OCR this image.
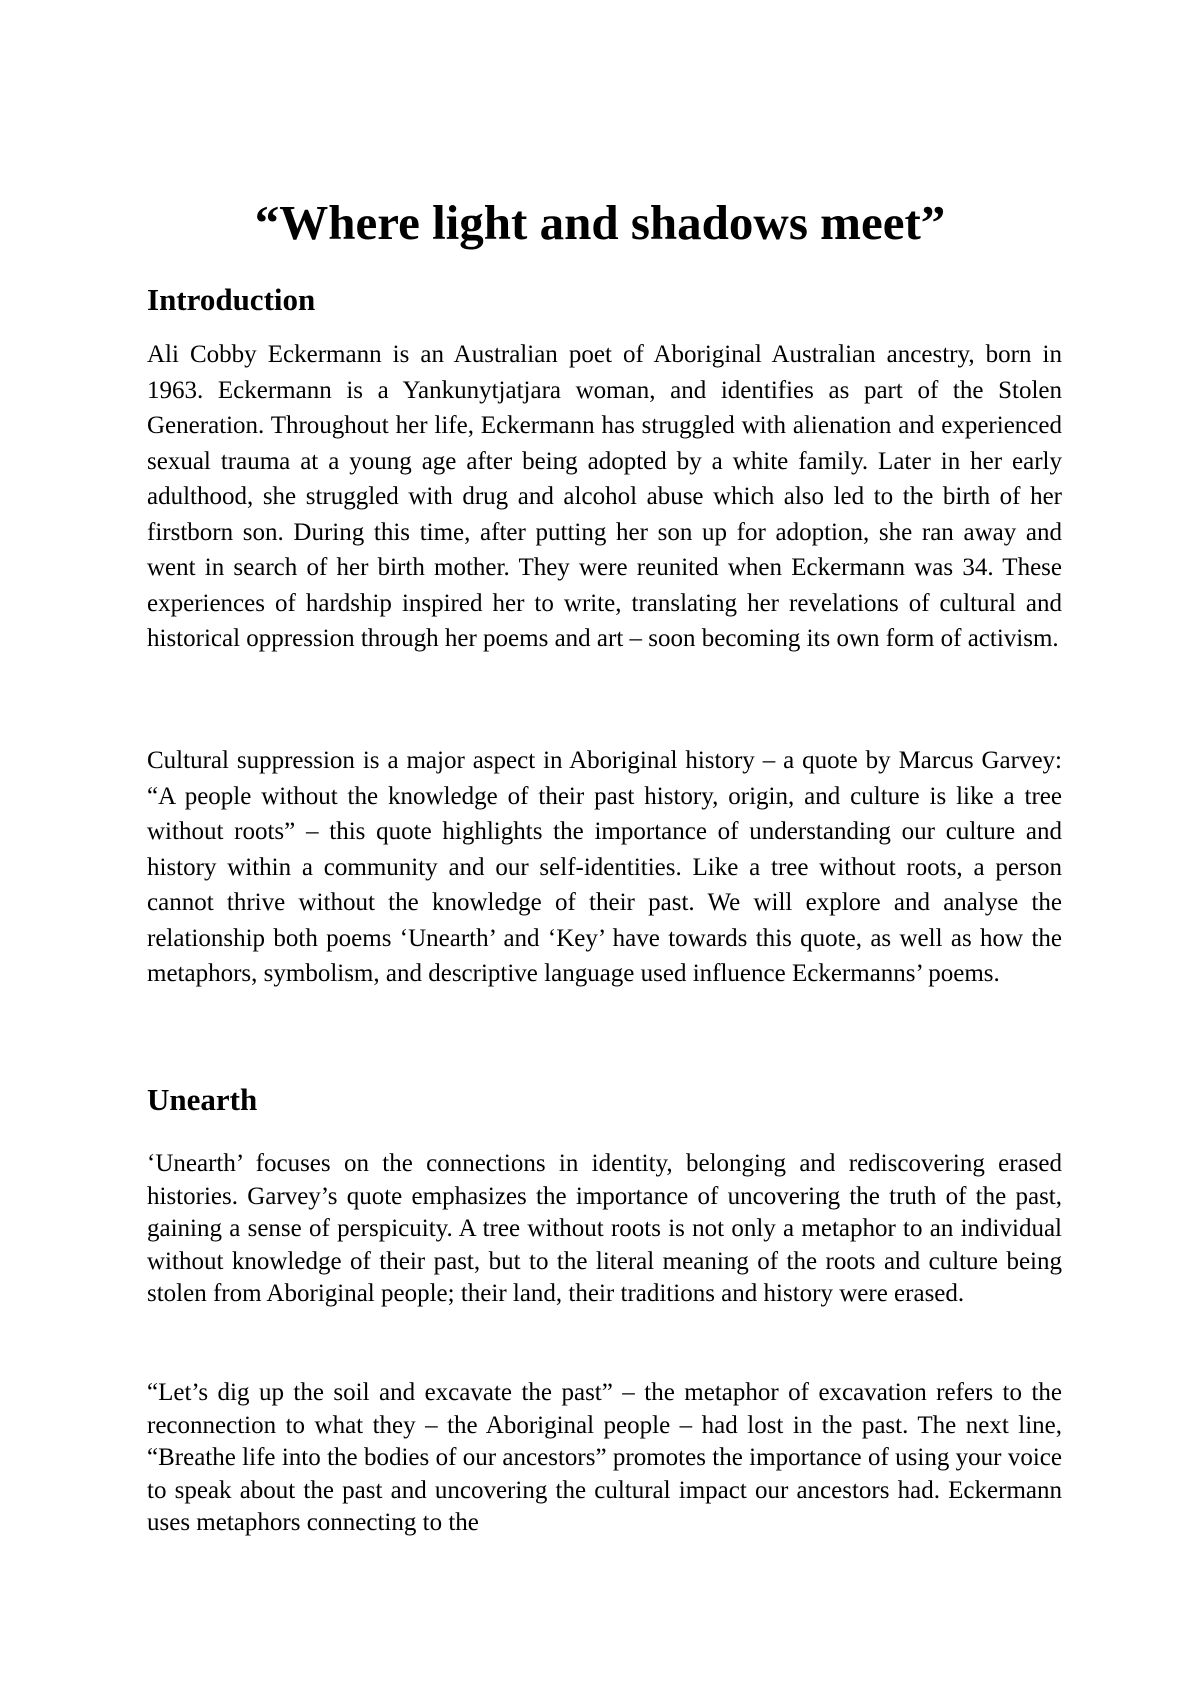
“Where light and shadows meet”
Introduction

Ali Cobby Eckermann is an Australian poet of Aboriginal Australian ancestry, born in 1963. Eckermann is a Yankunytjatjara woman, and identifies as part of the Stolen Generation. Throughout her life, Eckermann has struggled with alienation and experienced sexual trauma at a young age after being adopted by a white family. Later in her early adulthood, she struggled with drug and alcohol abuse which also led to the birth of her firstborn son. During this time, after putting her son up for adoption, she ran away and went in search of her birth mother. They were reunited when Eckermann was 34. These experiences of hardship inspired her to write, translating her revelations of cultural and historical oppression through her poems and art – soon becoming its own form of activism.

Cultural suppression is a major aspect in Aboriginal history – a quote by Marcus Garvey: “A people without the knowledge of their past history, origin, and culture is like a tree without roots” – this quote highlights the importance of understanding our culture and history within a community and our self-identities. Like a tree without roots, a person cannot thrive without the knowledge of their past. We will explore and analyse the relationship both poems ‘Unearth’ and ‘Key’ have towards this quote, as well as how the metaphors, symbolism, and descriptive language used influence Eckermanns’ poems.

Unearth

‘Unearth’ focuses on the connections in identity, belonging and rediscovering erased histories. Garvey’s quote emphasizes the importance of uncovering the truth of the past, gaining a sense of perspicuity. A tree without roots is not only a metaphor to an individual without knowledge of their past, but to the literal meaning of the roots and culture being stolen from Aboriginal people; their land, their traditions and history were erased.

“Let’s dig up the soil and excavate the past” – the metaphor of excavation refers to the reconnection to what they – the Aboriginal people – had lost in the past. The next line, “Breathe life into the bodies of our ancestors” promotes the importance of using your voice to speak about the past and uncovering the cultural impact our ancestors had. Eckermann uses metaphors connecting to the
